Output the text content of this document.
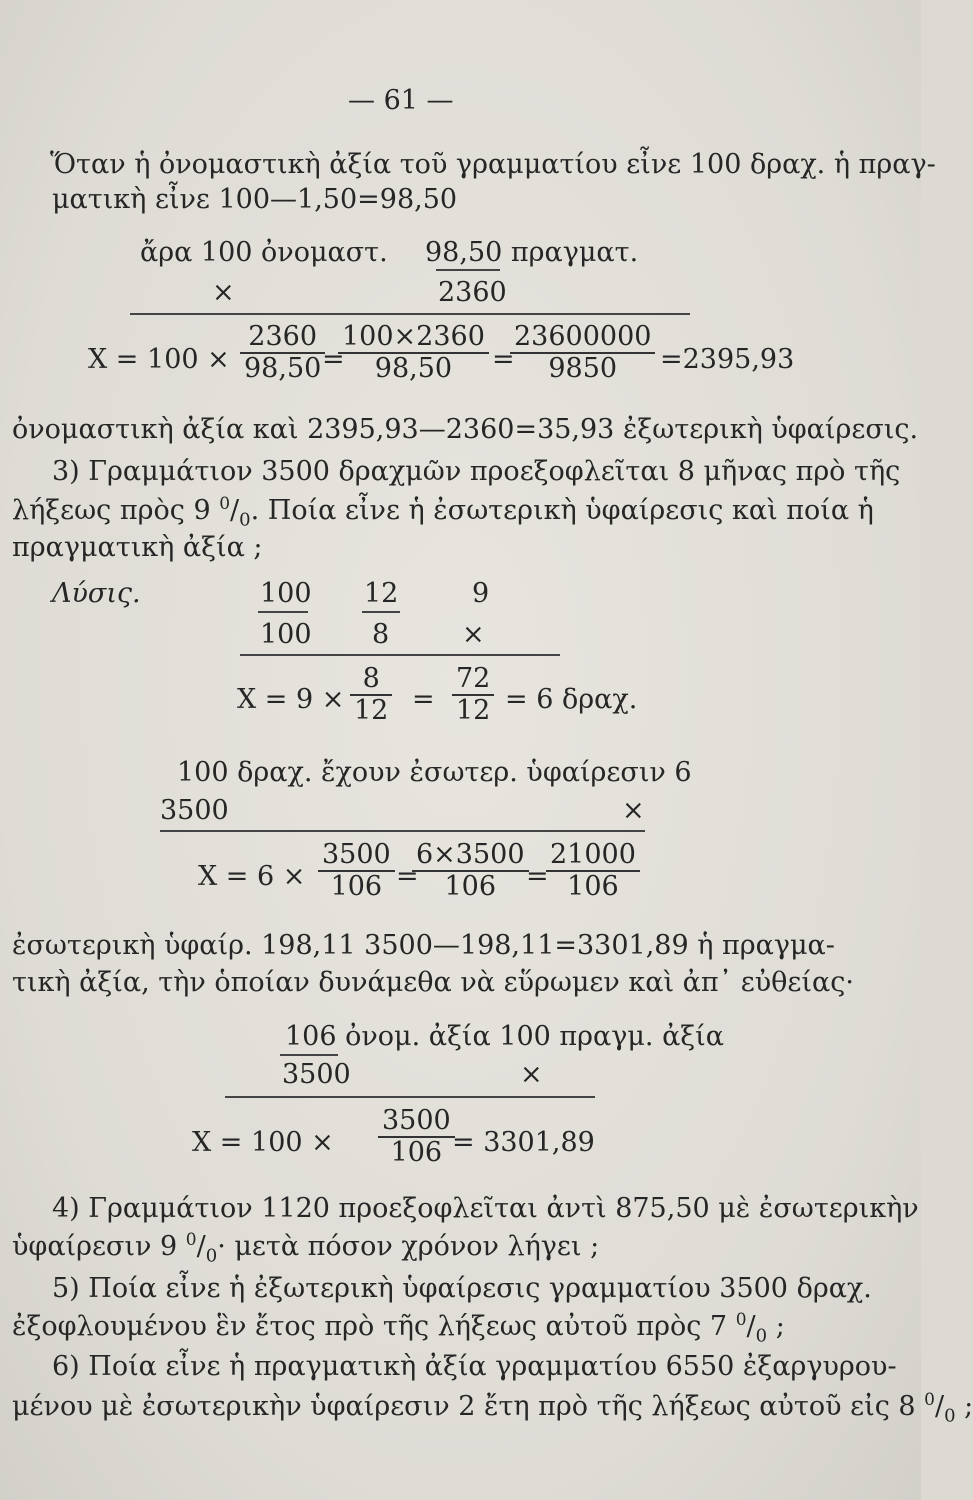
— 61 —
Ὅταν ἡ ὀνομαστικὴ ἀξία τοῦ γραμματίου εἶνε 100 δραχ. ἡ πραγ-
ματικὴ εἶνε 100—1,50=98,50
ἄρα 100 ὀνομαστ. 98,50 πραγματ.
×	2360
$X = 100 \times \frac{2360}{98,50}$
=
$\frac{100\times 2360}{98,50}$ =
$\frac{23600000}{9850} =2395,93$
ὀνομαστικὴ ἀξία καὶ 2395,93—2360=35,93 ἐξωτερικὴ ὑφαίρεσις.
3) Γραμμάτιον 3500 δραχμῶν προεξοφλεῖται 8 μῆνας πρὸ τῆς
λήξεως πρὸς 9 $^0/_0$. Ποία εἶνε ἡ ἐσωτερικὴ ὑφαίρεσις καὶ ποία ἡ
πραγματικὴ ἀξία ;
Λύσις.	100
100
12
8
9
×
$X = 9 \times \frac{8}{12} = \frac{72}{12} = 6$ δραχ.
100 δραχ. ἔχουν ἐσωτερ. ὑφαίρεσιν 6
3500	×
$X = 6 \times \frac{3500}{106}$ =
$\frac{6\times 3500}{106}$
=
$\frac{21000}{106}$
ἐσωτερικὴ ὑφαίρ. 198,11 3500—198,11=3301,89 ἡ πραγμα-
τικὴ ἀξία, τὴν ὁποίαν δυνάμεθα νὰ εὕρωμεν καὶ ἀπ᾽ εὐθείας·
106 ὀνομ. ἀξία 100 πραγμ. ἀξία
3500	×
$X = 100 \times \frac{3500}{106}$
= 3301,89
4) Γραμμάτιον 1120 προεξοφλεῖται ἀντὶ 875,50 μὲ ἐσωτερικὴν
ὑφαίρεσιν 9 $^0/_0\cdot$ μετὰ πόσον χρόνον λήγει ;
5) Ποία εἶνε ἡ ἐξωτερικὴ ὑφαίρεσις γραμματίου 3500 δραχ.
ἐξοφλουμένου ἓν ἔτος πρὸ τῆς λήξεως αὐτοῦ πρὸς 7 $^0/_0$ ;
6) Ποία εἶνε ἡ πραγματικὴ ἀξία γραμματίου 6550 ἐξαργυρου-
μένου μὲ ἐσωτερικὴν ὑφαίρεσιν 2 ἔτη πρὸ τῆς λήξεως αὐτοῦ εἰς 8 $^0/_0$ ;
